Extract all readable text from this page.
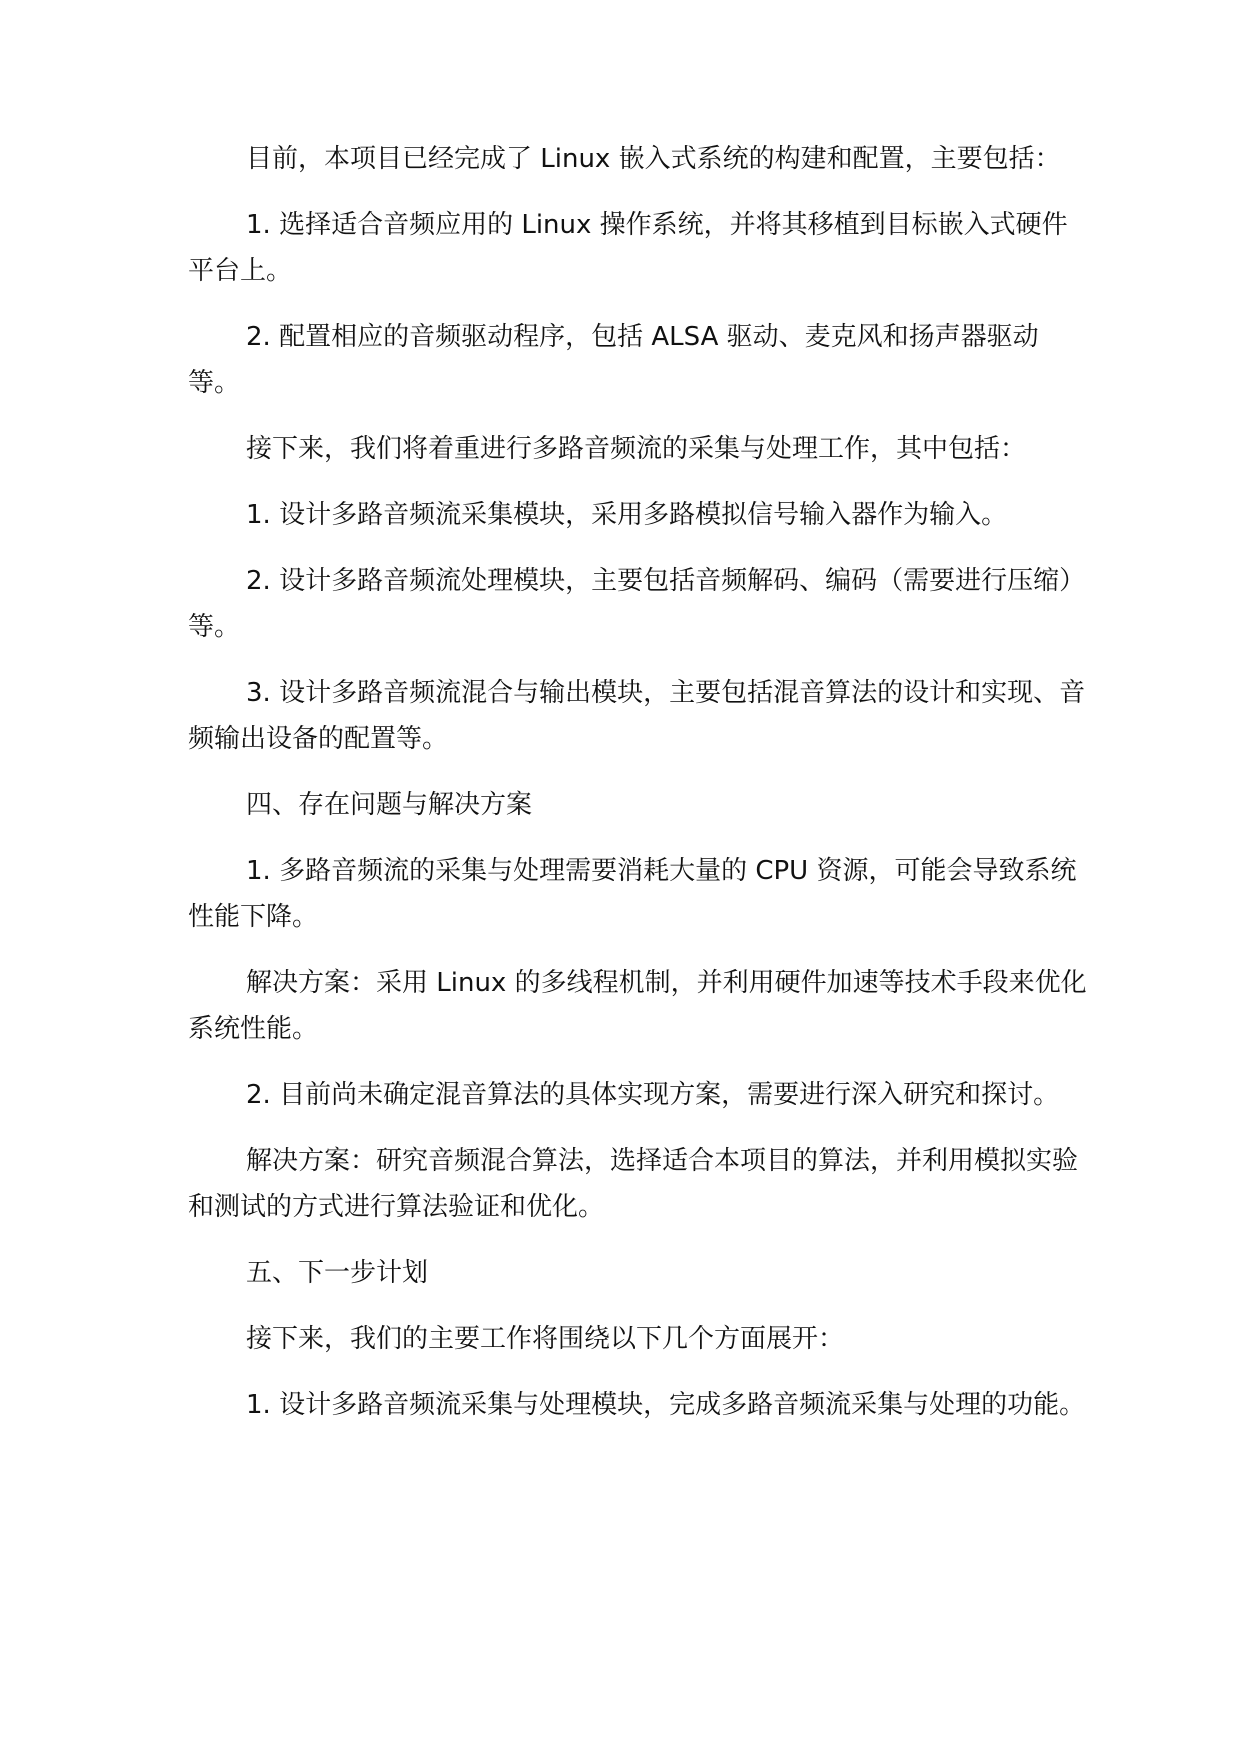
目前，本项目已经完成了 Linux 嵌入式系统的构建和配置，主要包括：

1. 选择适合音频应用的 Linux 操作系统，并将其移植到目标嵌入式硬件平台上。

2. 配置相应的音频驱动程序，包括 ALSA 驱动、麦克风和扬声器驱动等。

接下来，我们将着重进行多路音频流的采集与处理工作，其中包括：

1. 设计多路音频流采集模块，采用多路模拟信号输入器作为输入。

2. 设计多路音频流处理模块，主要包括音频解码、编码（需要进行压缩）等。

3. 设计多路音频流混合与输出模块，主要包括混音算法的设计和实现、音频输出设备的配置等。

四、存在问题与解决方案

1. 多路音频流的采集与处理需要消耗大量的 CPU 资源，可能会导致系统性能下降。

解决方案：采用 Linux 的多线程机制，并利用硬件加速等技术手段来优化系统性能。

2. 目前尚未确定混音算法的具体实现方案，需要进行深入研究和探讨。

解决方案：研究音频混合算法，选择适合本项目的算法，并利用模拟实验和测试的方式进行算法验证和优化。

五、下一步计划

接下来，我们的主要工作将围绕以下几个方面展开：

1. 设计多路音频流采集与处理模块，完成多路音频流采集与处理的功能。
